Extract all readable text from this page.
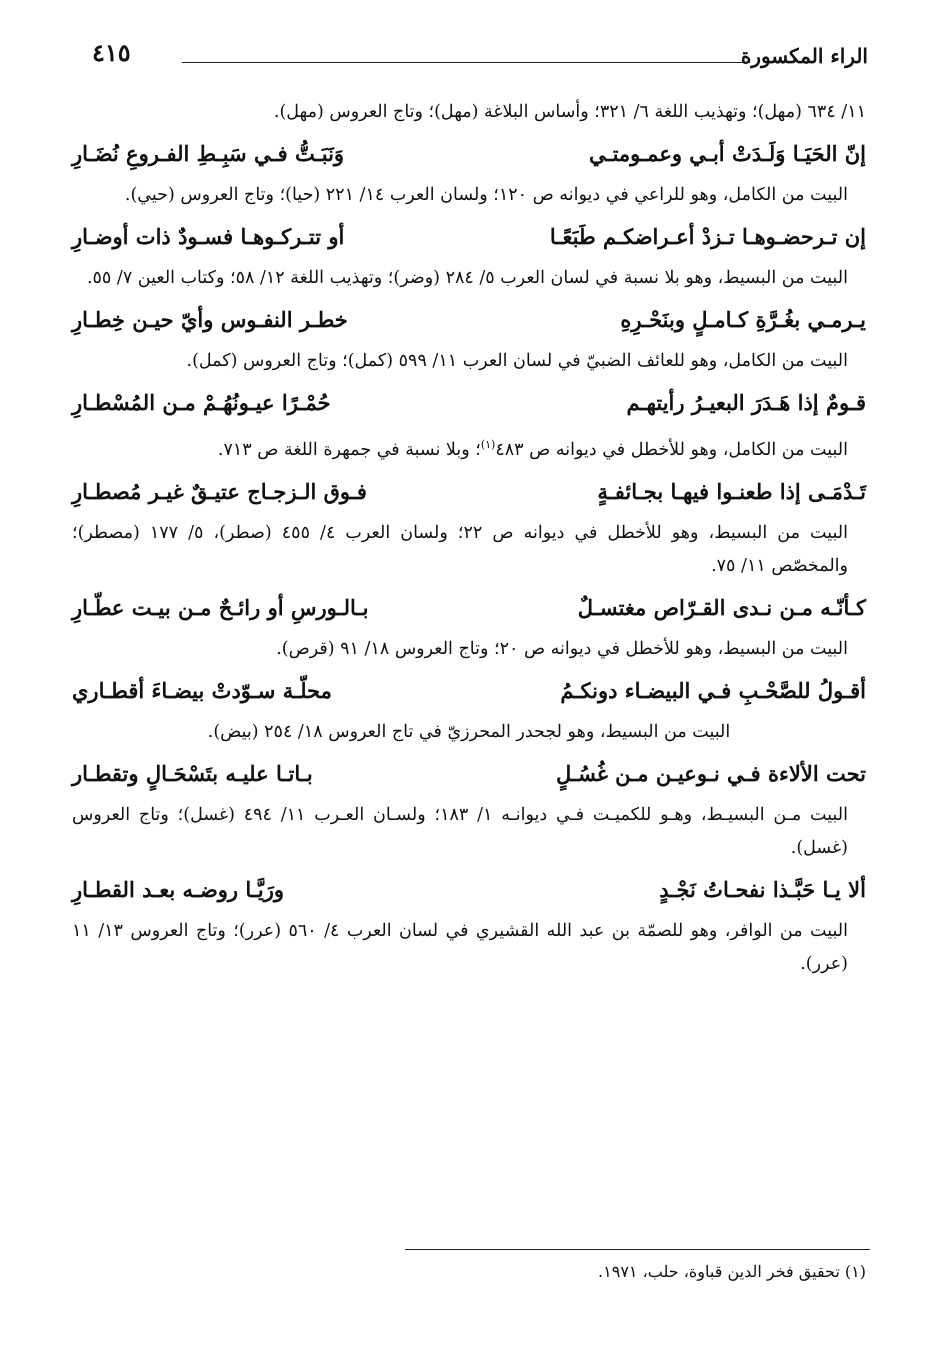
الراء المكسورة
٤١٥

١١/ ٦٣٤ (مهل)؛ وتهذيب اللغة ٦/ ٣٢١؛ وأساس البلاغة (مهل)؛ وتاج العروس (مهل).

إنّ الحَيَـا وَلَـدَتْ أبـي وعمـومتـي
وَنَبَـتُّ فـي سَبِـطِ الفـروعِ نُضَـارِ

البيت من الكامل، وهو للراعي في ديوانه ص ١٢٠؛ ولسان العرب ١٤/ ٢٢١ (حيا)؛ وتاج العروس (حيي).

إن تـرحضـوهـا تـزدْ أعـراضكـم طَبَعًـا
أو تتـركـوهـا فسـودٌ ذات أوضـارِ

البيت من البسيط، وهو بلا نسبة في لسان العرب ٥/ ٢٨٤ (وضر)؛ وتهذيب اللغة ١٢/ ٥٨؛ وكتاب العين ٧/ ٥٥.

يـرمـي بغُـرَّةِ كـامـلٍ وبنَحْـرِهِ
خطـر النفـوس وأيّ حيـن خِطـارِ

البيت من الكامل، وهو للعائف الضبيّ في لسان العرب ١١/ ٥٩٩ (كمل)؛ وتاج العروس (كمل).

قـومٌ إذا هَـدَرَ البعيـرُ رأيتهـم
حُمْـرًا عيـونُهُـمْ مـن المُسْطـارِ

البيت من الكامل، وهو للأخطل في ديوانه ص ٤٨٣$^{(١)}$؛ وبلا نسبة في جمهرة اللغة ص ٧١٣.

تَـدْمَـى إذا طعنـوا فيهـا بجـائفـةٍ
فـوق الـزجـاج عتيـقٌ غيـر مُصطـارِ

البيت من البسيط، وهو للأخطل في ديوانه ص ٢٢؛ ولسان العرب ٤/ ٤٥٥ (صطر)، ٥/ ١٧٧ (مصطر)؛ والمخصّص ١١/ ٧٥.

كـأنّـه مـن نـدى القـرّاص مغتسـلٌ
بـالـورسِ أو رائـحٌ مـن بيـت عطّـارِ

البيت من البسيط، وهو للأخطل في ديوانه ص ٢٠؛ وتاج العروس ١٨/ ٩١ (قرص).

أقـولُ للصَّحْـبِ فـي البيضـاء دونكـمُ
محلّـة سـوّدتْ بيضـاءَ أقطـاري

البيت من البسيط، وهو لجحدر المحرزيّ في تاج العروس ١٨/ ٢٥٤ (بيض).

تحت الألاءة فـي نـوعيـن مـن غُسُـلٍ
بـاتـا عليـه بتَسْحَـالٍ وتقطـار

البيت مـن البسيـط، وهـو للكميـت فـي ديوانـه ١/ ١٨٣؛ ولسـان العـرب ١١/ ٤٩٤ (غسل)؛ وتاج العروس (غسل).

ألا يـا حَبَّـذا نفحـاتُ نَجْـدٍ
ورَيَّـا روضـه بعـد القطـارِ

البيت من الوافر، وهو للصمّة بن عبد الله القشيري في لسان العرب ٤/ ٥٦٠ (عرر)؛ وتاج العروس ١٣/ ١١ (عرر).

(١) تحقيق فخر الدين قباوة، حلب، ١٩٧١.
